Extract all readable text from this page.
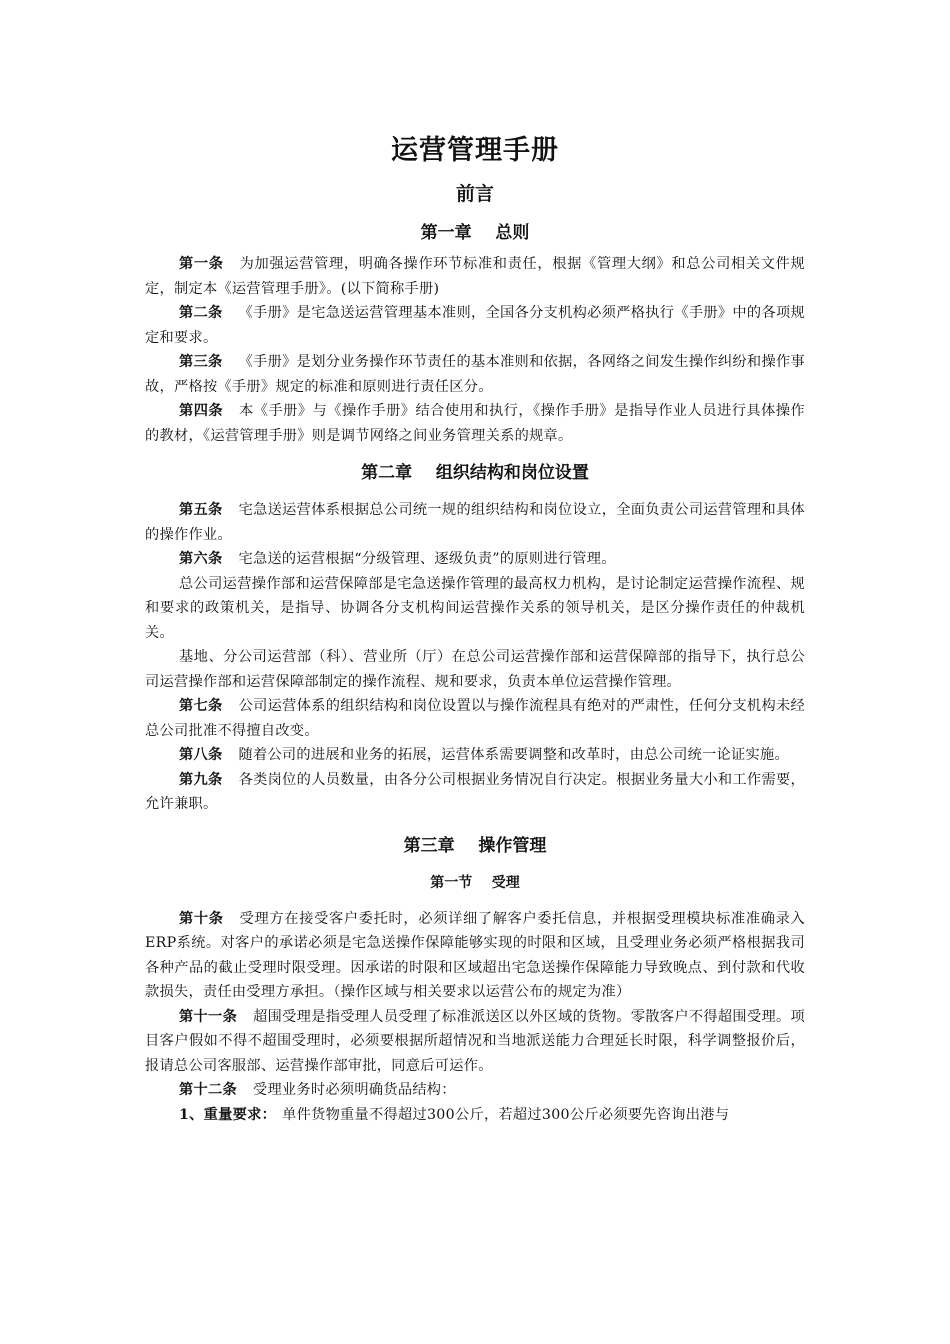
运营管理手册
前言
第一章    总则

第一条 为加强运营管理，明确各操作环节标准和责任，根据《管理大纲》和总公司相关文件规定，制定本《运营管理手册》。(以下简称手册)

第二条 《手册》是宅急送运营管理基本准则，全国各分支机构必须严格执行《手册》中的各项规定和要求。

第三条 《手册》是划分业务操作环节责任的基本准则和依据，各网络之间发生操作纠纷和操作事故，严格按《手册》规定的标准和原则进行责任区分。

第四条 本《手册》与《操作手册》结合使用和执行，《操作手册》是指导作业人员进行具体操作的教材，《运营管理手册》则是调节网络之间业务管理关系的规章。

第二章    组织结构和岗位设置

第五条 宅急送运营体系根据总公司统一规的组织结构和岗位设立，全面负责公司运营管理和具体的操作作业。

第六条 宅急送的运营根据“分级管理、逐级负责”的原则进行管理。

总公司运营操作部和运营保障部是宅急送操作管理的最高权力机构，是讨论制定运营操作流程、规和要求的政策机关，是指导、协调各分支机构间运营操作关系的领导机关，是区分操作责任的仲裁机关。

基地、分公司运营部（科）、营业所（厅）在总公司运营操作部和运营保障部的指导下，执行总公司运营操作部和运营保障部制定的操作流程、规和要求，负责本单位运营操作管理。

第七条 公司运营体系的组织结构和岗位设置以与操作流程具有绝对的严肃性，任何分支机构未经总公司批准不得擅自改变。

第八条 随着公司的进展和业务的拓展，运营体系需要调整和改革时，由总公司统一论证实施。

第九条 各类岗位的人员数量，由各分公司根据业务情况自行决定。根据业务量大小和工作需要，允许兼职。

第三章    操作管理
第一节    受理

第十条 受理方在接受客户委托时，必须详细了解客户委托信息，并根据受理模块标准准确录入ERP系统。对客户的承诺必须是宅急送操作保障能够实现的时限和区域，且受理业务必须严格根据我司各种产品的截止受理时限受理。因承诺的时限和区域超出宅急送操作保障能力导致晚点、到付款和代收款损失，责任由受理方承担。（操作区域与相关要求以运营公布的规定为准）

第十一条 超围受理是指受理人员受理了标准派送区以外区域的货物。零散客户不得超围受理。项目客户假如不得不超围受理时，必须要根据所超情况和当地派送能力合理延长时限，科学调整报价后，报请总公司客服部、运营操作部审批，同意后可运作。

第十二条 受理业务时必须明确货品结构：

1、重量要求： 单件货物重量不得超过300公斤，若超过300公斤必须要先咨询出港与
